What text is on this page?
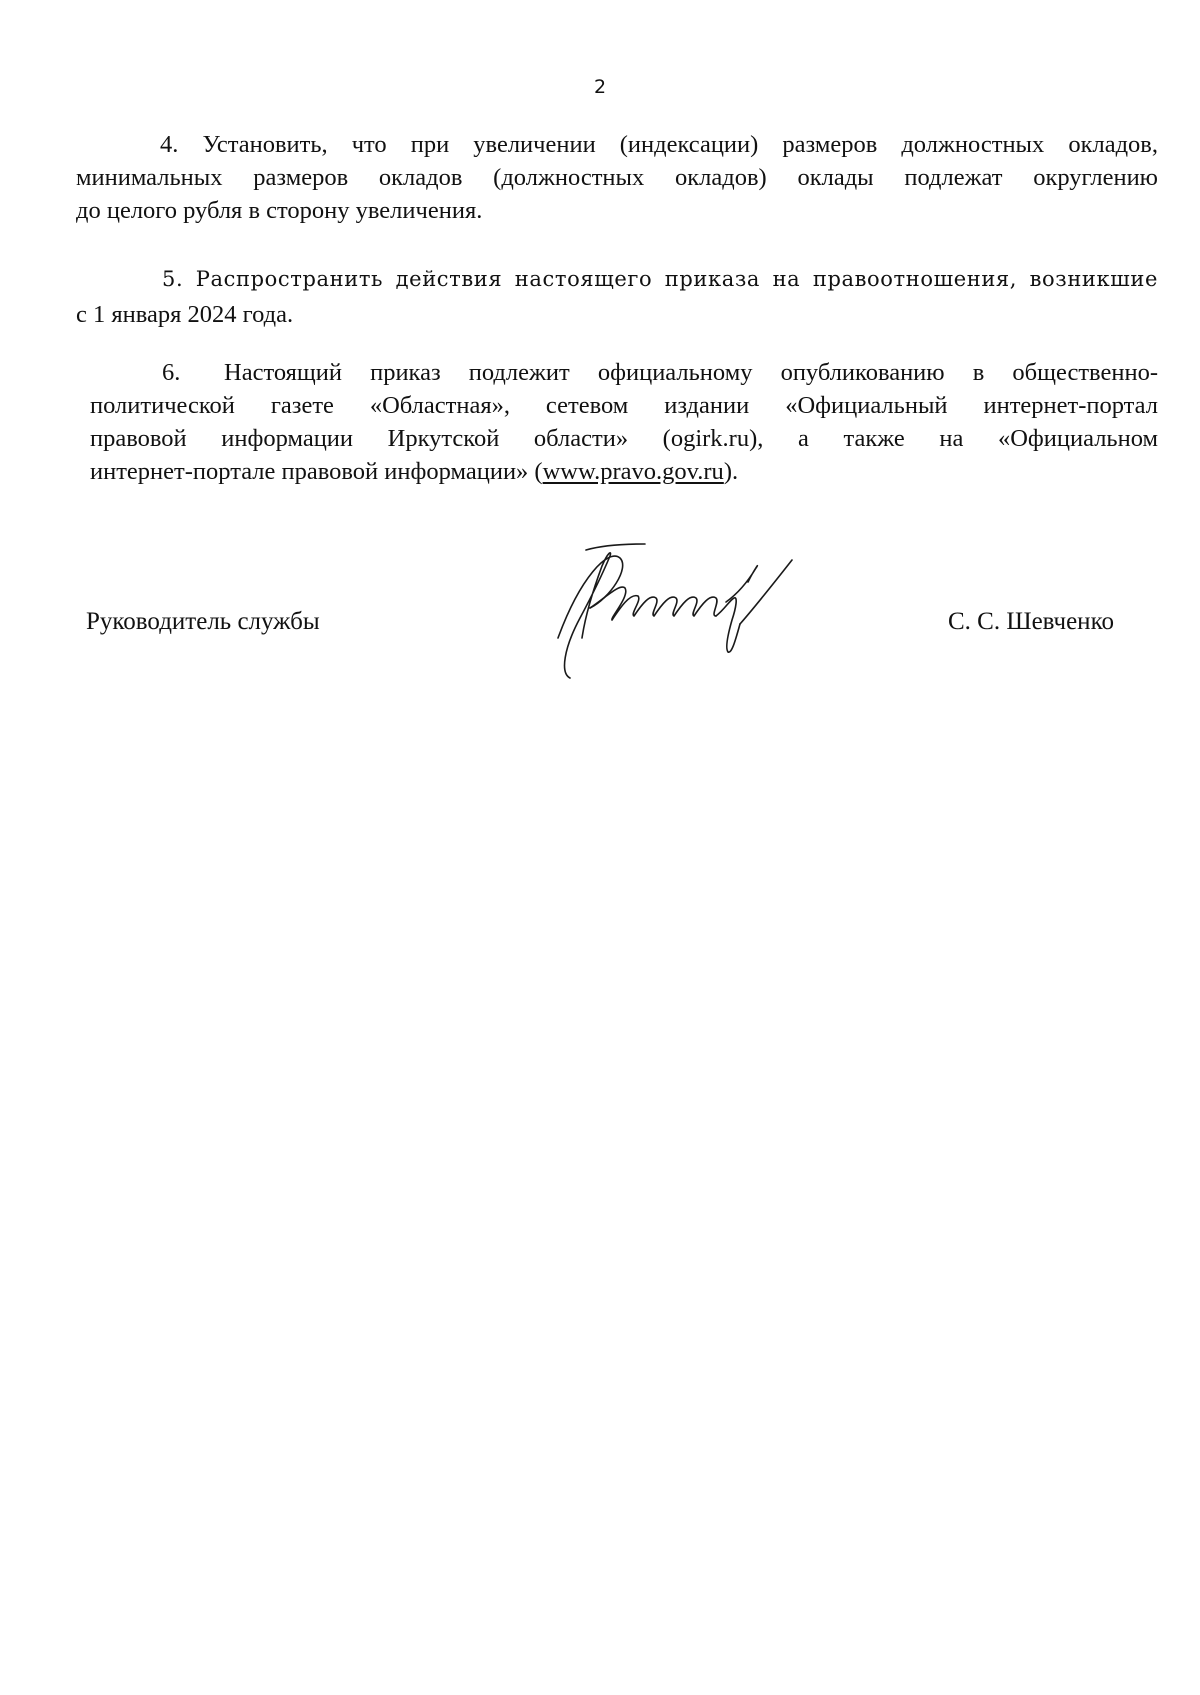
2
4. Установить, что при увеличении (индексации) размеров должностных окладов,
минимальных размеров окладов (должностных окладов) оклады подлежат округлению
до целого рубля в сторону увеличения.
5. Распространить действия настоящего приказа на правоотношения, возникшие
с 1 января 2024 года.
6. Настоящий приказ подлежит официальному опубликованию в общественно-
политической газете «Областная», сетевом издании «Официальный интернет-портал
правовой информации Иркутской области» (ogirk.ru), а также на «Официальном
интернет-портале правовой информации» (www.pravo.gov.ru).
Руководитель службы	С. С. Шевченко
